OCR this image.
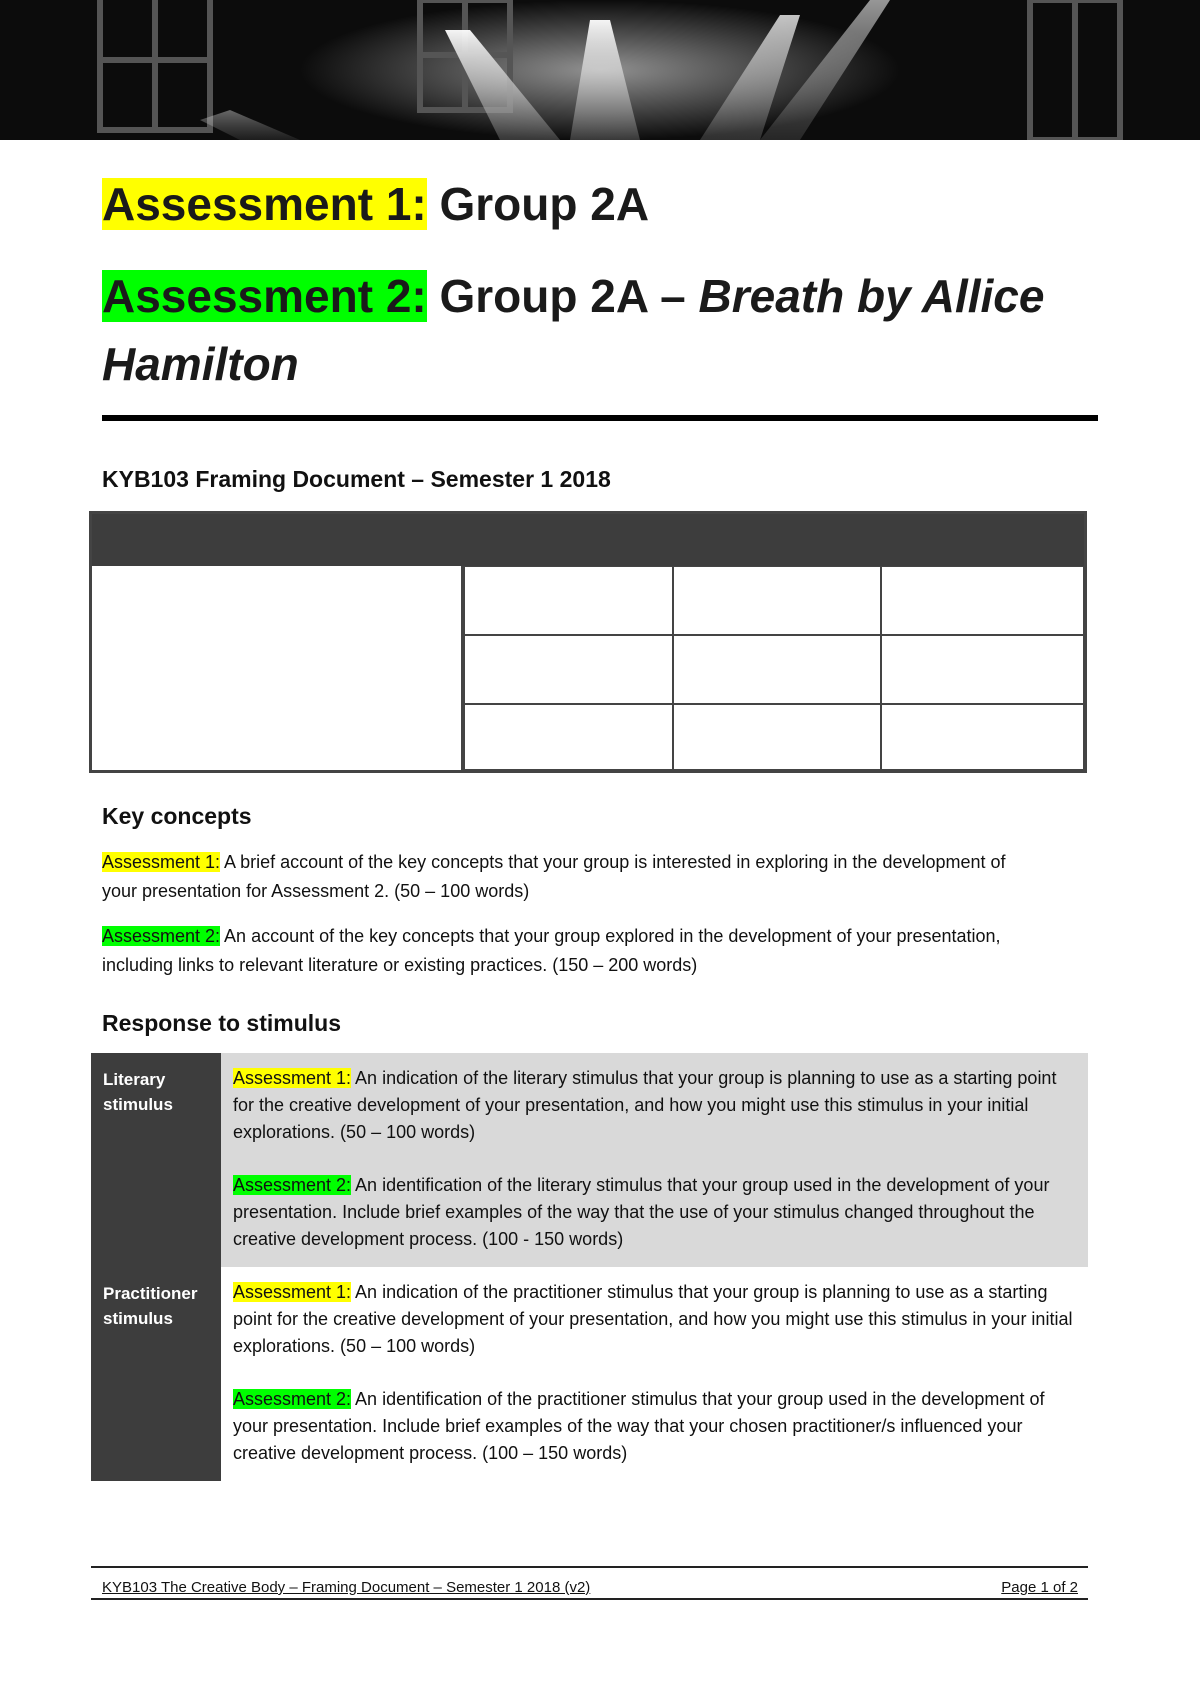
Assessment 1: Group 2A
Assessment 2: Group 2A – Breath by Allice Hamilton
KYB103 Framing Document – Semester 1 2018
Key concepts
Assessment 1: A brief account of the key concepts that your group is interested in exploring in the development of your presentation for Assessment 2. (50 – 100 words)
Assessment 2: An account of the key concepts that your group explored in the development of your presentation, including links to relevant literature or existing practices. (150 – 200 words)
Response to stimulus
Literary stimulus

Assessment 1: An indication of the literary stimulus that your group is planning to use as a starting point for the creative development of your presentation, and how you might use this stimulus in your initial explorations. (50 – 100 words)

Assessment 2: An identification of the literary stimulus that your group used in the development of your presentation. Include brief examples of the way that the use of your stimulus changed throughout the creative development process. (100 - 150 words)

Practitioner stimulus

Assessment 1: An indication of the practitioner stimulus that your group is planning to use as a starting point for the creative development of your presentation, and how you might use this stimulus in your initial explorations. (50 – 100 words)

Assessment 2: An identification of the practitioner stimulus that your group used in the development of your presentation. Include brief examples of the way that your chosen practitioner/s influenced your creative development process. (100 – 150 words)

KYB103 The Creative Body – Framing Document – Semester 1 2018 (v2)	Page 1 of 2
